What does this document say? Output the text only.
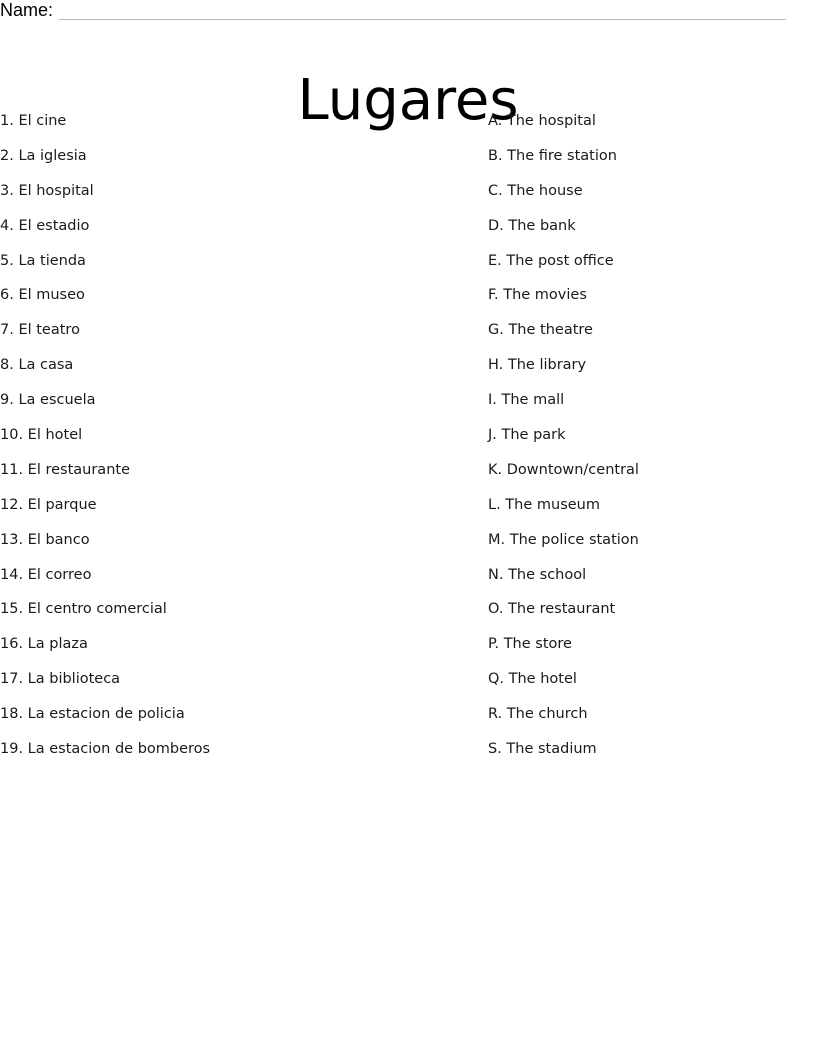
Name:
Lugares
1. El cine
2. La iglesia
3. El hospital
4. El estadio
5. La tienda
6. El museo
7. El teatro
8. La casa
9. La escuela
10. El hotel
11. El restaurante
12. El parque
13. El banco
14. El correo
15. El centro comercial
16. La plaza
17. La biblioteca
18. La estacion de policia
19. La estacion de bomberos
A. The hospital
B. The fire station
C. The house
D. The bank
E. The post office
F. The movies
G. The theatre
H. The library
I. The mall
J. The park
K. Downtown/central
L. The museum
M. The police station
N. The school
O. The restaurant
P. The store
Q. The hotel
R. The church
S. The stadium
